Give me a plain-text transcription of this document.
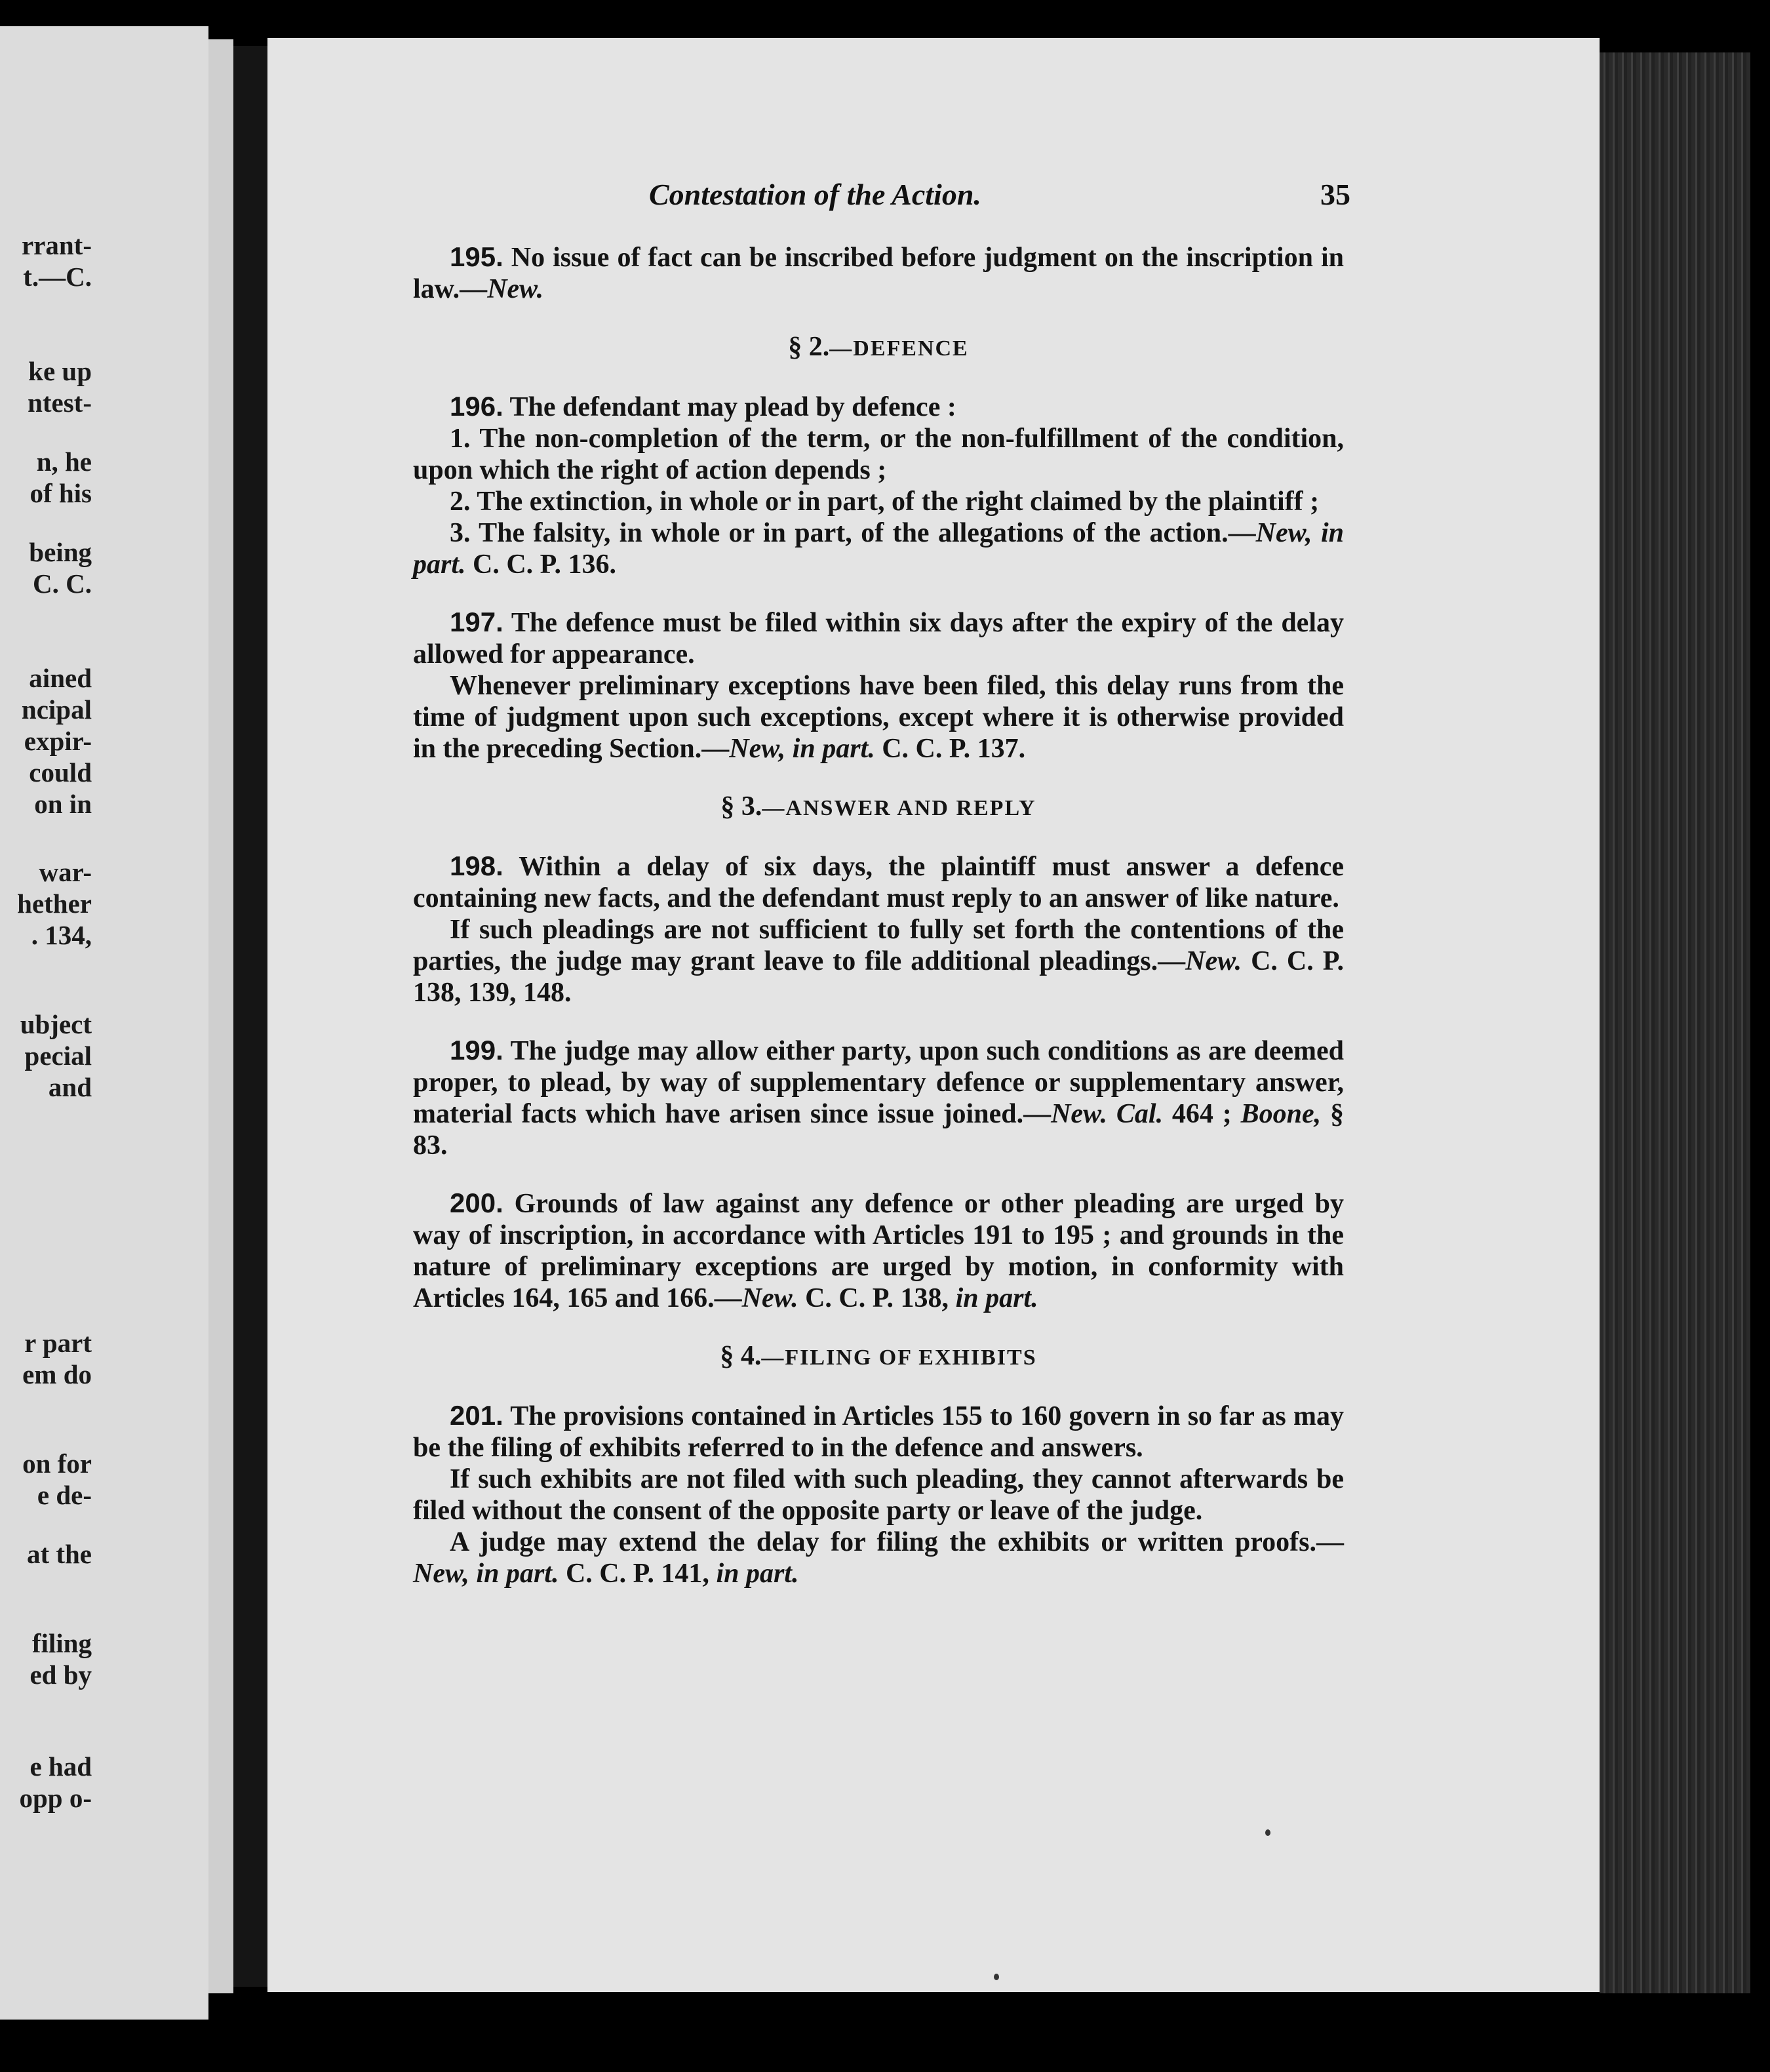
rrant-
t.—C.
ke up
ntest-
n, he
of his
being
C. C.
ained
ncipal
expir-
could
on in
war-
hether
. 134,
ubject
pecial
and
r part
em do
on for
e de-
at the
filing
ed by
e had
opp o-
Contestation of the Action.	35

195. No issue of fact can be inscribed before judgment on the inscription in law.—New.

§ 2.—DEFENCE

196. The defendant may plead by defence :

1. The non-completion of the term, or the non-fulfillment of the condition, upon which the right of action depends ;

2. The extinction, in whole or in part, of the right claimed by the plaintiff ;

3. The falsity, in whole or in part, of the allegations of the action.—New, in part. C. C. P. 136.

197. The defence must be filed within six days after the expiry of the delay allowed for appearance.

Whenever preliminary exceptions have been filed, this delay runs from the time of judgment upon such exceptions, except where it is otherwise provided in the preceding Section.—New, in part. C. C. P. 137.

§ 3.—ANSWER AND REPLY

198. Within a delay of six days, the plaintiff must answer a defence containing new facts, and the defendant must reply to an answer of like nature.

If such pleadings are not sufficient to fully set forth the contentions of the parties, the judge may grant leave to file additional pleadings.—New. C. C. P. 138, 139, 148.

199. The judge may allow either party, upon such conditions as are deemed proper, to plead, by way of supplementary defence or supplementary answer, material facts which have arisen since issue joined.—New. Cal. 464 ; Boone, § 83.

200. Grounds of law against any defence or other pleading are urged by way of inscription, in accordance with Articles 191 to 195 ; and grounds in the nature of preliminary exceptions are urged by motion, in conformity with Articles 164, 165 and 166.—New. C. C. P. 138, in part.

§ 4.—FILING OF EXHIBITS

201. The provisions contained in Articles 155 to 160 govern in so far as may be the filing of exhibits referred to in the defence and answers.

If such exhibits are not filed with such pleading, they cannot afterwards be filed without the consent of the opposite party or leave of the judge.

A judge may extend the delay for filing the exhibits or written proofs.—New, in part. C. C. P. 141, in part.
